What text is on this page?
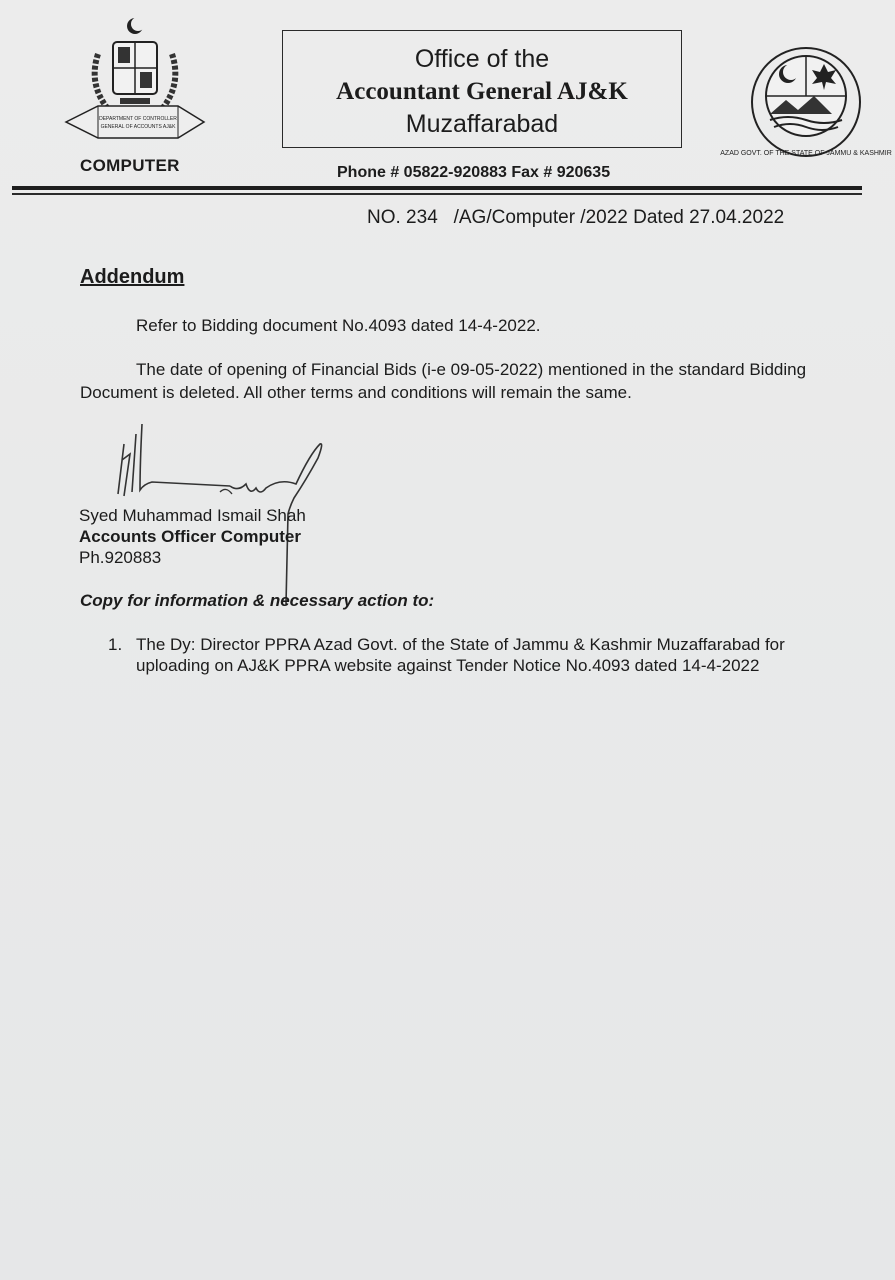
DEPARTMENT OF CONTROLLER
GENERAL OF ACCOUNTS AJ&K
AZAD GOVT. OF THE STATE OF JAMMU & KASHMIR
Office of the
Accountant General AJ&K
Muzaffarabad
COMPUTER	Phone # 05822-920883 Fax # 920635
NO. 234   /AG/Computer /2022 Dated 27.04.2022
Addendum
Refer to Bidding document No.4093 dated 14-4-2022.
The date of opening of Financial Bids (i-e 09-05-2022) mentioned in the standard Bidding Document is deleted. All other terms and conditions will remain the same.
Syed Muhammad Ismail Shah
Accounts Officer Computer
Ph.920883
Copy for information & necessary action to:
1. The Dy: Director PPRA Azad Govt. of the State of Jammu & Kashmir Muzaffarabad for uploading on AJ&K PPRA website against Tender Notice No.4093 dated 14-4-2022
